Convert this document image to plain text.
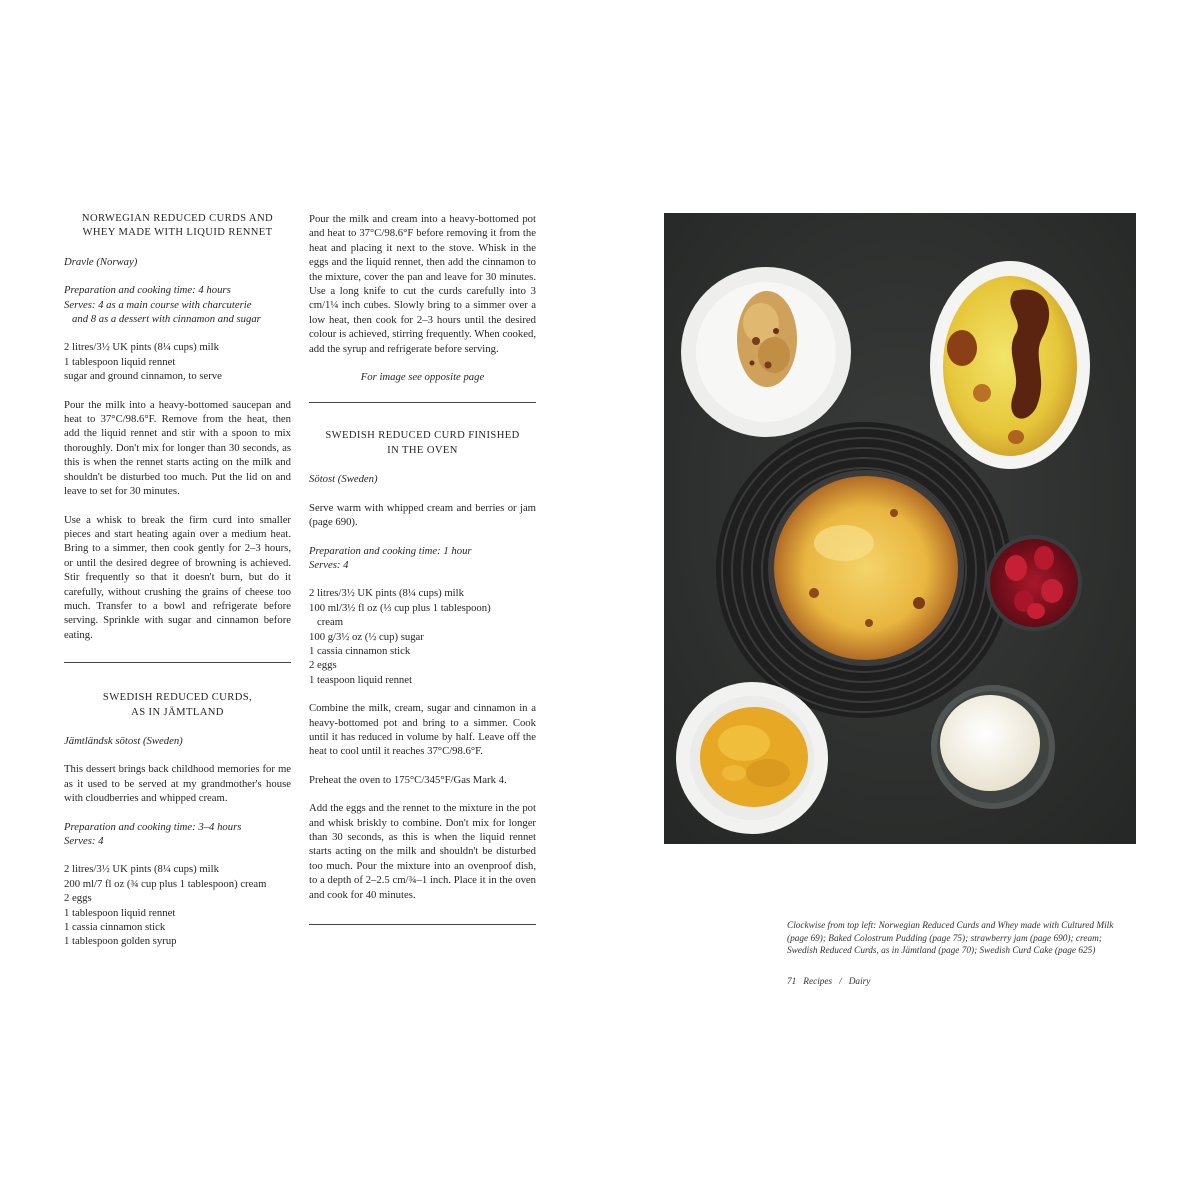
NORWEGIAN REDUCED CURDS AND
WHEY MADE WITH LIQUID RENNET

Dravle (Norway)

Preparation and cooking time: 4 hours

Serves: 4 as a main course with charcuterie

and 8 as a dessert with cinnamon and sugar

2 litres/3½ UK pints (8¼ cups) milk

1 tablespoon liquid rennet

sugar and ground cinnamon, to serve

Pour the milk into a heavy-bottomed saucepan and heat to 37°C/98.6°F. Remove from the heat, then add the liquid rennet and stir with a spoon to mix thoroughly. Don't mix for longer than 30 seconds, as this is when the rennet starts acting on the milk and shouldn't be disturbed too much. Put the lid on and leave to set for 30 minutes.

Use a whisk to break the firm curd into smaller pieces and start heating again over a medium heat. Bring to a simmer, then cook gently for 2–3 hours, or until the desired degree of browning is achieved. Stir frequently so that it doesn't burn, but do it carefully, without crushing the grains of cheese too much. Transfer to a bowl and refrigerate before serving. Sprinkle with sugar and cinnamon before eating.

SWEDISH REDUCED CURDS,
AS IN JÄMTLAND

Jämtländsk sötost (Sweden)

This dessert brings back childhood memories for me as it used to be served at my grandmother's house with cloudberries and whipped cream.

Preparation and cooking time: 3–4 hours

Serves: 4

2 litres/3½ UK pints (8¼ cups) milk

200 ml/7 fl oz (¾ cup plus 1 tablespoon) cream

2 eggs

1 tablespoon liquid rennet

1 cassia cinnamon stick

1 tablespoon golden syrup

Pour the milk and cream into a heavy-bottomed pot and heat to 37°C/98.6°F before removing it from the heat and placing it next to the stove. Whisk in the eggs and the liquid rennet, then add the cinnamon to the mixture, cover the pan and leave for 30 minutes. Use a long knife to cut the curds carefully into 3 cm/1¼ inch cubes. Slowly bring to a simmer over a low heat, then cook for 2–3 hours until the desired colour is achieved, stirring frequently. When cooked, add the syrup and refrigerate before serving.

For image see opposite page

SWEDISH REDUCED CURD FINISHED
IN THE OVEN

Sötost (Sweden)

Serve warm with whipped cream and berries or jam (page 690).

Preparation and cooking time: 1 hour

Serves: 4

2 litres/3½ UK pints (8¼ cups) milk

100 ml/3½ fl oz (⅓ cup plus 1 tablespoon)

cream

100 g/3½ oz (½ cup) sugar

1 cassia cinnamon stick

2 eggs

1 teaspoon liquid rennet

Combine the milk, cream, sugar and cinnamon in a heavy-bottomed pot and bring to a simmer. Cook until it has reduced in volume by half. Leave off the heat to cool until it reaches 37°C/98.6°F.

Preheat the oven to 175°C/345°F/Gas Mark 4.

Add the eggs and the rennet to the mixture in the pot and whisk briskly to combine. Don't mix for longer than 30 seconds, as this is when the liquid rennet starts acting on the milk and shouldn't be disturbed too much. Pour the mixture into an ovenproof dish, to a depth of 2–2.5 cm/¾–1 inch. Place it in the oven and cook for 40 minutes.

Clockwise from top left: Norwegian Reduced Curds and Whey made with Cultured Milk (page 69); Baked Colostrum Pudding (page 75); strawberry jam (page 690); cream; Swedish Reduced Curds, as in Jämtland (page 70); Swedish Curd Cake (page 625)

71   Recipes   /   Dairy
